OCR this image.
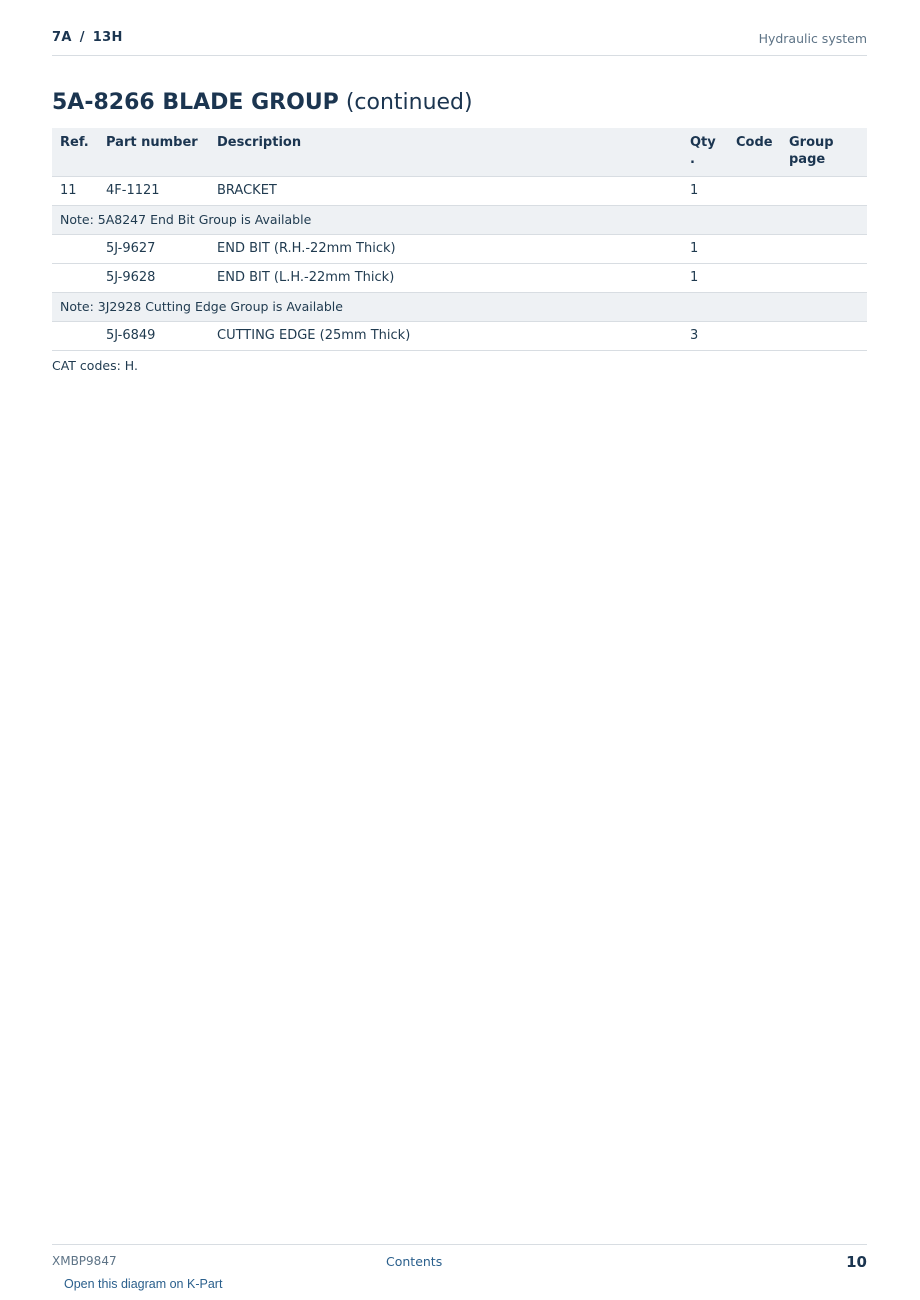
7A / 13H	Hydraulic system
5A-8266 BLADE GROUP (continued)
Ref.	Part number	Description	Qty .	Code	Group page
11	4F-1121	BRACKET	1		
Note: 5A8247 End Bit Group is Available					
	5J-9627	END BIT (R.H.-22mm Thick)	1		
	5J-9628	END BIT (L.H.-22mm Thick)	1		
Note: 3J2928 Cutting Edge Group is Available					
	5J-6849	CUTTING EDGE (25mm Thick)	3		
CAT codes: H.
XMBP9847	Contents	10
Open this diagram on K-Part
